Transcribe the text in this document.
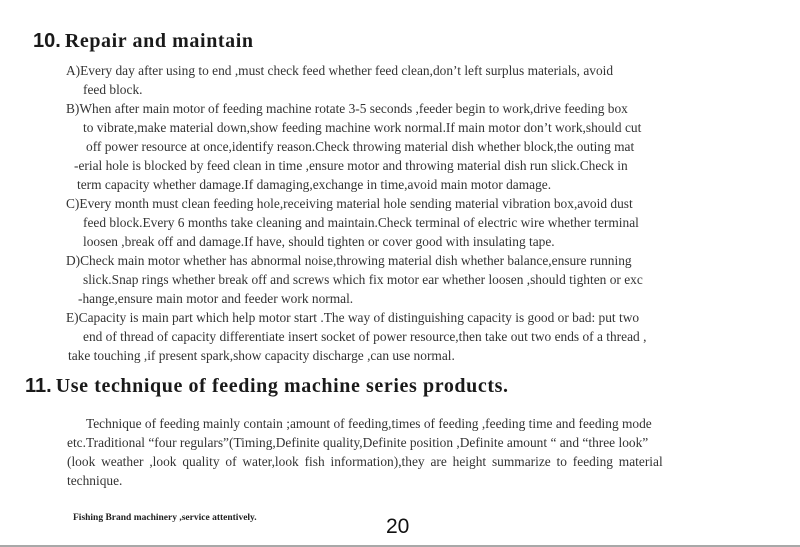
10. Repair and maintain
A)Every day after using to end ,must check feed whether feed clean,don’t left surplus materials, avoid
feed block.
B)When after main motor of feeding machine rotate 3-5 seconds ,feeder begin to work,drive feeding box
to vibrate,make material down,show feeding machine work normal.If main motor don’t work,should cut
off power resource at once,identify reason.Check throwing material dish whether block,the outing mat
-erial hole is blocked by feed clean in time ,ensure motor and throwing material dish run slick.Check in
term capacity whether damage.If damaging,exchange in time,avoid main motor damage.
C)Every month must clean feeding hole,receiving material hole sending material vibration box,avoid dust
feed block.Every 6 months take cleaning and maintain.Check terminal of electric wire whether terminal
loosen ,break off and damage.If have, should tighten or cover good with insulating tape.
D)Check main motor whether has abnormal noise,throwing material dish whether balance,ensure running
slick.Snap rings whether break off and screws which fix motor ear whether loosen ,should tighten or exc
-hange,ensure main motor and feeder work normal.
E)Capacity is main part which help motor start .The way of distinguishing capacity is good or bad: put two
end of thread of capacity differentiate insert socket of power resource,then take out two ends of a thread ,
take touching ,if present spark,show capacity discharge ,can use normal.
11. Use technique of feeding machine series products.
Technique of feeding mainly contain ;amount of feeding,times of feeding ,feeding time and feeding mode
etc.Traditional “four regulars”(Timing,Definite quality,Definite position ,Definite amount “ and “three look”
(look weather ,look quality of water,look fish information),they are height summarize to feeding material
technique.
Fishing Brand machinery ,service attentively.	20
